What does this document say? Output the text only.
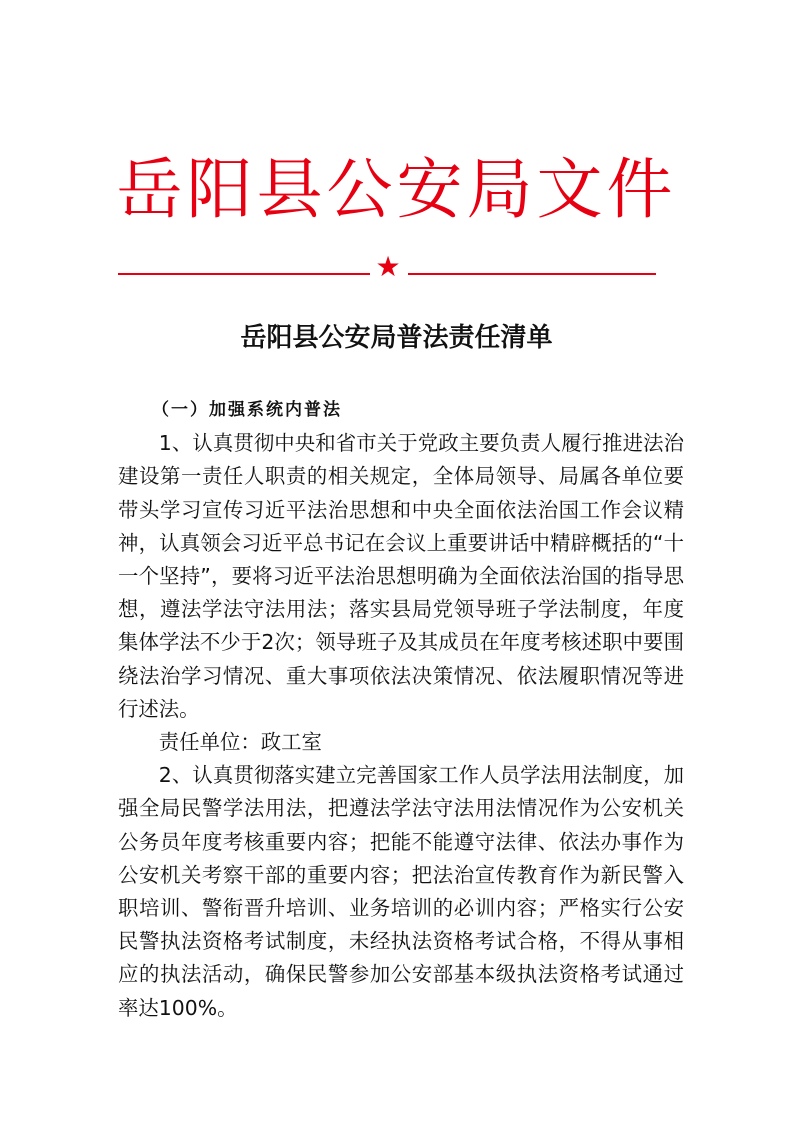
岳阳县公安局文件
★
岳阳县公安局普法责任清单

（一）加强系统内普法

1、认真贯彻中央和省市关于党政主要负责人履行推进法治建设第一责任人职责的相关规定，全体局领导、局属各单位要带头学习宣传习近平法治思想和中央全面依法治国工作会议精神，认真领会习近平总书记在会议上重要讲话中精辟概括的“十一个坚持”，要将习近平法治思想明确为全面依法治国的指导思想，遵法学法守法用法；落实县局党领导班子学法制度，年度集体学法不少于2次；领导班子及其成员在年度考核述职中要围绕法治学习情况、重大事项依法决策情况、依法履职情况等进行述法。

责任单位：政工室

2、认真贯彻落实建立完善国家工作人员学法用法制度，加强全局民警学法用法，把遵法学法守法用法情况作为公安机关公务员年度考核重要内容；把能不能遵守法律、依法办事作为公安机关考察干部的重要内容；把法治宣传教育作为新民警入职培训、警衔晋升培训、业务培训的必训内容；严格实行公安民警执法资格考试制度，未经执法资格考试合格，不得从事相应的执法活动，确保民警参加公安部基本级执法资格考试通过率达100%。
